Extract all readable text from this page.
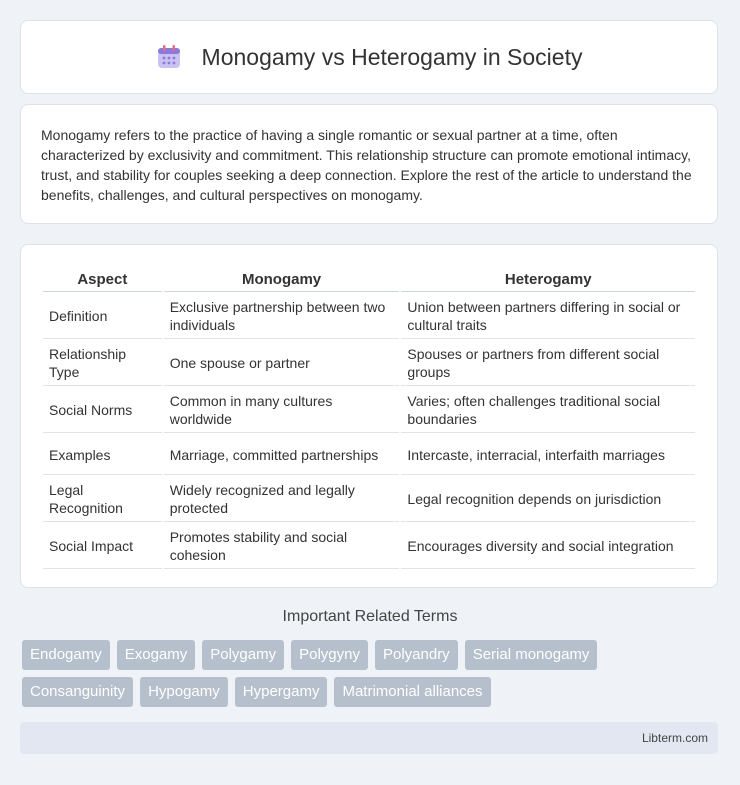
Monogamy vs Heterogamy in Society

Monogamy refers to the practice of having a single romantic or sexual partner at a time, often characterized by exclusivity and commitment. This relationship structure can promote emotional intimacy, trust, and stability for couples seeking a deep connection. Explore the rest of the article to understand the benefits, challenges, and cultural perspectives on monogamy.

Aspect	Monogamy	Heterogamy
Definition	Exclusive partnership between two individuals	Union between partners differing in social or cultural traits
Relationship Type	One spouse or partner	Spouses or partners from different social groups
Social Norms	Common in many cultures worldwide	Varies; often challenges traditional social boundaries
Examples	Marriage, committed partnerships	Intercaste, interracial, interfaith marriages
Legal Recognition	Widely recognized and legally protected	Legal recognition depends on jurisdiction
Social Impact	Promotes stability and social cohesion	Encourages diversity and social integration
Important Related Terms
Endogamy	Exogamy	Polygamy	Polygyny	Polyandry	Serial monogamy
Consanguinity	Hypogamy	Hypergamy	Matrimonial alliances
Libterm.com
